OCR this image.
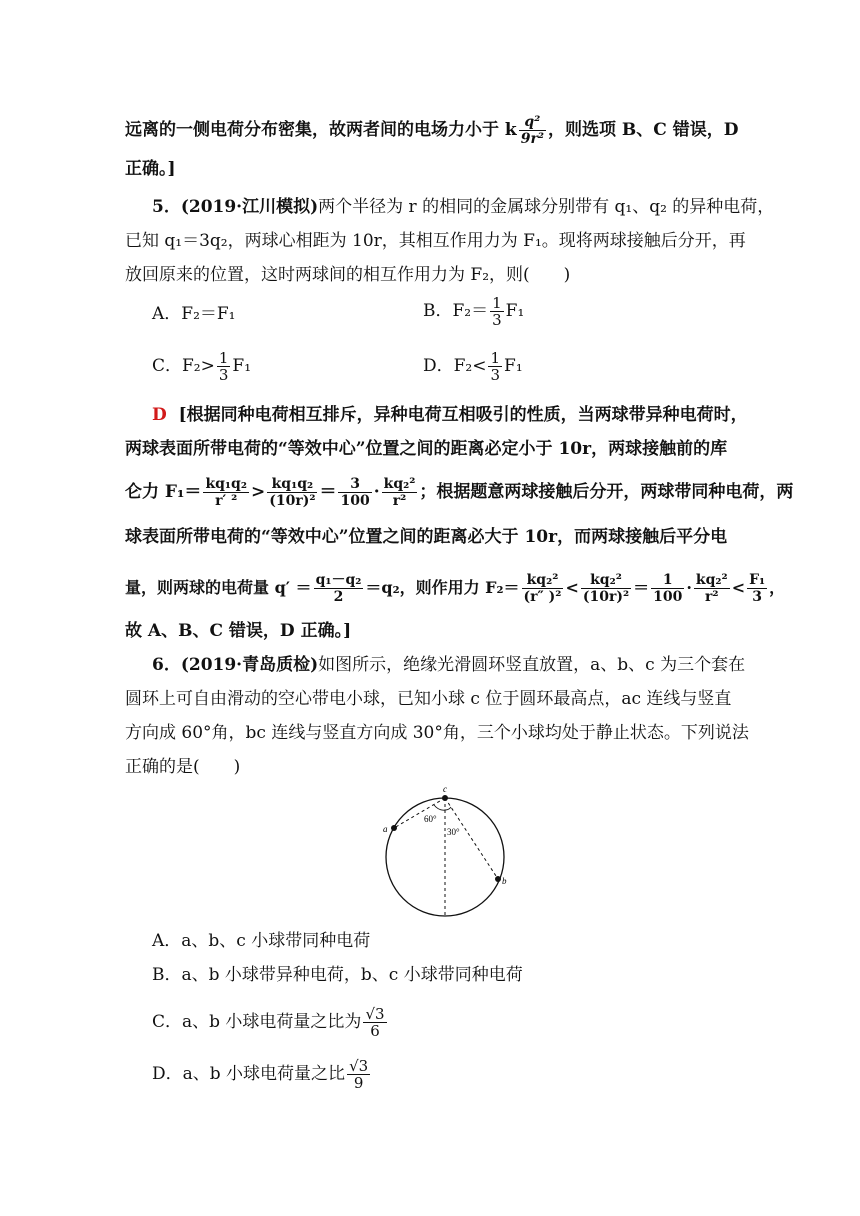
远离的一侧电荷分布密集，故两者间的电场力小于 k $\frac{\text{q²}}{\text{9r²}}$ ，则选项 B、C 错误，D
正确。]
5．(2019·江川模拟)两个半径为 r 的相同的金属球分别带有 q₁、q₂ 的异种电荷，
已知 q₁＝3q₂，两球心相距为 10r，其相互作用力为 F₁。现将两球接触后分开，再
放回原来的位置，这时两球间的相互作用力为 F₂，则(　　)
A．F₂＝F₁	B．$F_2= \frac{1}{3} F_1$
C．$F_2> \frac{1}{3} F_1$	D．$F_2< \frac{1}{3} F_1$
D [根据同种电荷相互排斥，异种电荷互相吸引的性质，当两球带异种电荷时，
两球表面所带电荷的“等效中心”位置之间的距离必定小于 10r，两球接触前的库
仑力 $F_1= \frac{\text{kq₁q₂}}{\text{r′ ²}} > \frac{\text{kq₁q₂}}{\text{(10r)²}} = \frac{3}{100} \cdot \frac{\text{kq₂²}}{\text{r²}}$ ；根据题意两球接触后分开，两球带同种电荷，两
球表面所带电荷的“等效中心”位置之间的距离必大于 10r，而两球接触后平分电
量，则两球的电荷量 $q' = \frac{\text{q₁－q₂}}{2} =q_2$，则作用力 $F_2= \frac{\text{kq₂²}}{\text{(r″ )²}} < \frac{\text{kq₂²}}{\text{(10r)²}} = \frac{1}{100} \cdot \frac{\text{kq₂²}}{\text{r²}} < \frac{\text{F₁}}{3}$ ，
故 A、B、C 错误，D 正确。]
6．(2019·青岛质检)如图所示，绝缘光滑圆环竖直放置，a、b、c 为三个套在
圆环上可自由滑动的空心带电小球，已知小球 c 位于圆环最高点，ac 连线与竖直
方向成 60°角，bc 连线与竖直方向成 30°角，三个小球均处于静止状态。下列说法
正确的是(　　)
c
a
b
60°
30°
A．a、b、c 小球带同种电荷
B．a、b 小球带异种电荷，b、c 小球带同种电荷
C．a、b 小球电荷量之比为 $\frac{√3}{6}$
D．a、b 小球电荷量之比 $\frac{√3}{9}$
